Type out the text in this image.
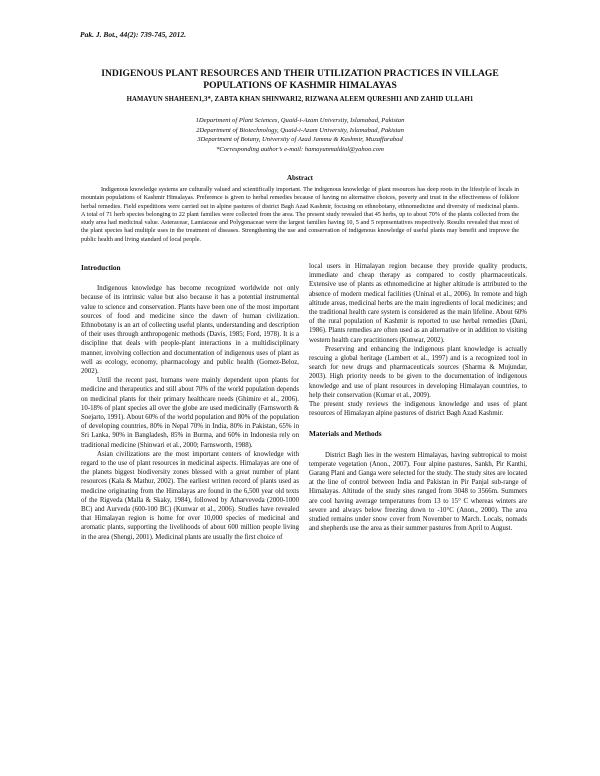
Pak. J. Bot., 44(2): 739-745, 2012.
INDIGENOUS PLANT RESOURCES AND THEIR UTILIZATION PRACTICES IN VILLAGE POPULATIONS OF KASHMIR HIMALAYAS
HAMAYUN SHAHEEN1,3*, ZABTA KHAN SHINWARI2, RIZWANA ALEEM QURESHI1 AND ZAHID ULLAH1
1Department of Plant Sciences, Quaid-i-Azam University, Islamabad, Pakistan
2Department of Biotechnology, Quaid-i-Azam University, Islamabad, Pakistan
3Department of Botany, University of Azad Jammu & Kashmir, Muzaffarabad
*Corresponding author’s e-mail: hamayunmaldial@yahoo.com
Abstract
Indigenous knowledge systems are culturally valued and scientifically important. The indigenous knowledge of plant resources has deep roots in the lifestyle of locals in mountain populations of Kashmir Himalayas. Preference is given to herbal remedies because of having no alternative choices, poverty and trust in the effectiveness of folklore herbal remedies. Field expeditions were carried out in alpine pastures of district Bagh Azad Kashmir, focusing on ethnobotany, ethnomedicine and diversity of medicinal plants. A total of 71 herb species belonging to 22 plant families were collected from the area. The present study revealed that 45 herbs, up to about 70% of the plants collected from the study area had medicinal value. Asteraceae, Lamiaceae and Polygonaceae were the largest families having 10, 5 and 5 representatives respectively. Results revealed that most of the plant species had multiple uses in the treatment of diseases. Strengthening the use and conservation of indigenous knowledge of useful plants may benefit and improve the public health and living standard of local people.
Introduction

Indigenous knowledge has become recognized worldwide not only because of its intrinsic value but also because it has a potential instrumental value to science and conservation. Plants have been one of the most important sources of food and medicine since the dawn of human civilization. Ethnobotany is an art of collecting useful plants, understanding and description of their uses through anthropogenic methods (Davis, 1985; Ford, 1978). It is a discipline that deals with people-plant interactions in a multidisciplinary manner, involving collection and documentation of indigenous uses of plant as well as ecology, economy, pharmacology and public health (Gomez-Beloz, 2002).

Until the recent past, humans were mainly dependent upon plants for medicine and therapeutics and still about 70% of the world population depends on medicinal plants for their primary healthcare needs (Ghimire et al., 2006). 10-18% of plant species all over the globe are used medicinally (Farnsworth & Soejarto, 1991). About 60% of the world population and 80% of the population of developing countries, 80% in Nepal 70% in India, 80% in Pakistan, 65% in Sri Lanka, 90% in Bangladesh, 85% in Burma, and 60% in Indonesia rely on traditional medicine (Shinwari et al., 2000; Farnsworth, 1988).

Asian civilizations are the most important centers of knowledge with regard to the use of plant resources in medicinal aspects. Himalayas are one of the planets biggest biodiversity zones blessed with a great number of plant resources (Kala & Mathur, 2002). The earliest written record of plants used as medicine originating from the Himalayas are found in the 6,500 year old texts of the Rigveda (Malla & Skaky, 1984), followed by Atharveveda (2000-1000 BC) and Aurveda (600-100 BC) (Kunwar et al., 2006). Studies have revealed that Himalayan region is home for over 10,000 species of medicinal and aromatic plants, supporting the livelihoods of about 600 million people living in the area (Shengi, 2001). Medicinal plants are usually the first choice of

local users in Himalayan region because they provide quality products, immediate and cheap therapy as compared to costly pharmaceuticals. Extensive use of plants as ethnomedicine at higher altitude is attributed to the absence of modern medical facilities (Uninal et al., 2006). In remote and high altitude areas, medicinal herbs are the main ingredients of local medicines; and the traditional health care system is considered as the main lifeline. About 60% of the rural population of Kashmir is reported to use herbal remedies (Dani, 1986). Plants remedies are often used as an alternative or in addition to visiting western health care practitioners (Kunwar, 2002).

Preserving and enhancing the indigenous plant knowledge is actually rescuing a global heritage (Lambert et al., 1997) and is a recognized tool in search for new drugs and pharmaceuticals sources (Sharma & Mujundar, 2003). High priority needs to be given to the documentation of indigenous knowledge and use of plant resources in developing Himalayan countries, to help their conservation (Kumar et al., 2009).

The present study reviews the indigenous knowledge and uses of plant resources of Himalayan alpine pastures of district Bagh Azad Kashmir.

Materials and Methods

District Bagh lies in the western Himalayas, having subtropical to moist temperate vegetation (Anon., 2007). Four alpine pastures, Sankh, Pir Kanthi, Garang Plani and Ganga were selected for the study. The study sites are located at the line of control between India and Pakistan in Pir Panjal sub-range of Himalayas. Altitude of the study sites ranged from 3048 to 3566m. Summers are cool having average temperatures from 13 to 15° C whereas winters are severe and always below freezing down to -10°C (Anon., 2000). The area studied remains under snow cover from November to March. Locals, nomads and shepherds use the area as their summer pastures from April to August.
